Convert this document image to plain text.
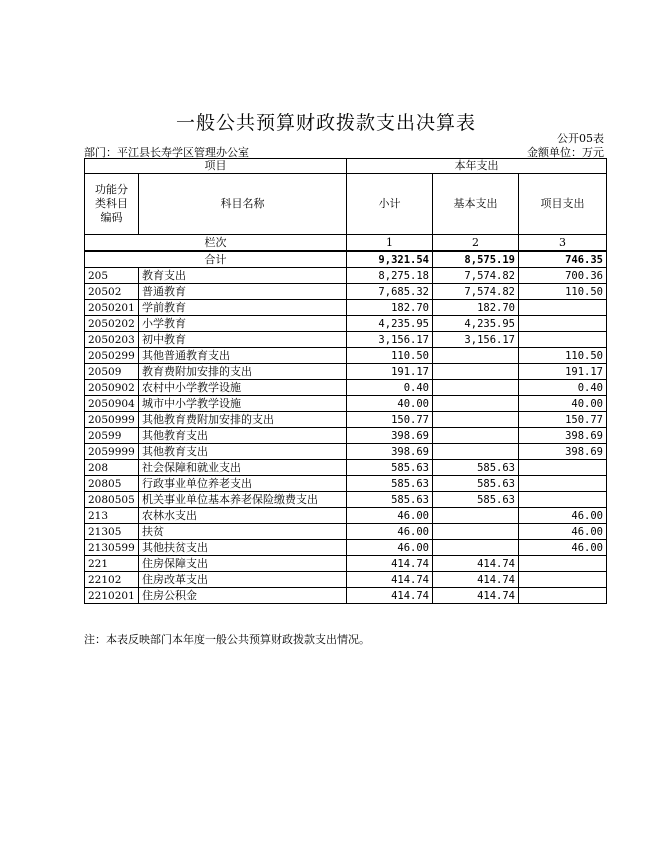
一般公共预算财政拨款支出决算表
公开05表
部门：平江县长寿学区管理办公室	金额单位：万元
项目		本年支出		
功能分类科目编码	科目名称	小计	基本支出	项目支出
栏次		1	2	3
合计		9,321.54	8,575.19	746.35
205	教育支出	8,275.18	7,574.82	700.36
20502	普通教育	7,685.32	7,574.82	110.50
2050201	学前教育	182.70	182.70	
2050202	小学教育	4,235.95	4,235.95	
2050203	初中教育	3,156.17	3,156.17	
2050299	其他普通教育支出	110.50		110.50
20509	教育费附加安排的支出	191.17		191.17
2050902	农村中小学教学设施	0.40		0.40
2050904	城市中小学教学设施	40.00		40.00
2050999	其他教育费附加安排的支出	150.77		150.77
20599	其他教育支出	398.69		398.69
2059999	其他教育支出	398.69		398.69
208	社会保障和就业支出	585.63	585.63	
20805	行政事业单位养老支出	585.63	585.63	
2080505	机关事业单位基本养老保险缴费支出	585.63	585.63	
213	农林水支出	46.00		46.00
21305	扶贫	46.00		46.00
2130599	其他扶贫支出	46.00		46.00
221	住房保障支出	414.74	414.74	
22102	住房改革支出	414.74	414.74	
2210201	住房公积金	414.74	414.74	
注：本表反映部门本年度一般公共预算财政拨款支出情况。
